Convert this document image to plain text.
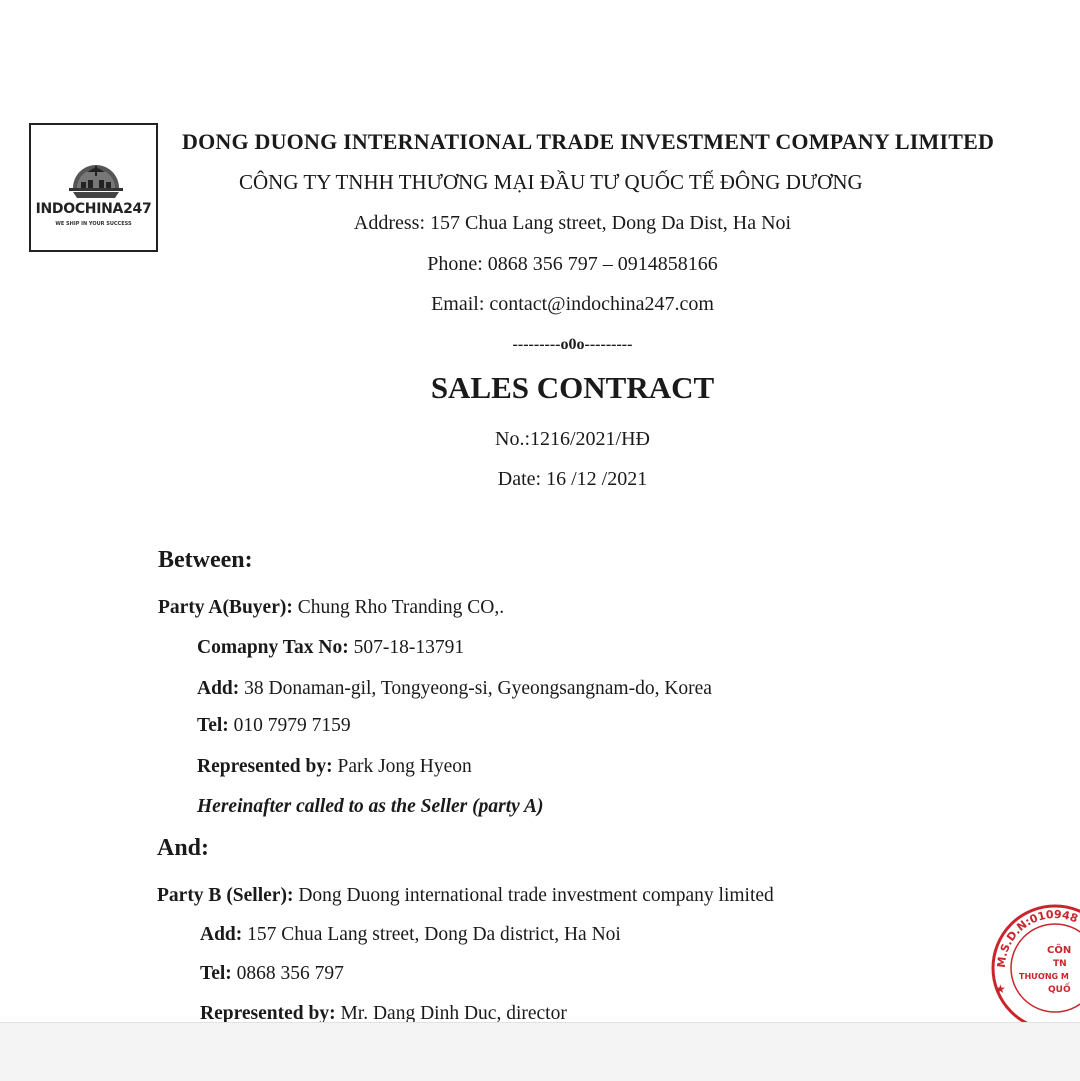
INDOCHINA247
WE SHIP IN YOUR SUCCESS
DONG DUONG INTERNATIONAL TRADE INVESTMENT COMPANY LIMITED
CÔNG TY TNHH THƯƠNG MẠI ĐẦU TƯ QUỐC TẾ ĐÔNG DƯƠNG
Address: 157 Chua Lang street, Dong Da Dist, Ha Noi
Phone: 0868 356 797 – 0914858166
Email: contact@indochina247.com
---------o0o---------
SALES CONTRACT
No.:1216/2021/HĐ
Date: 16 /12 /2021
Between:
Party A(Buyer): Chung Rho Tranding CO,.
Comapny Tax No: 507-18-13791
Add: 38 Donaman-gil, Tongyeong-si, Gyeongsangnam-do, Korea
Tel: 010 7979 7159
Represented by: Park Jong Hyeon
Hereinafter called to as the Seller (party A)
And:
Party B (Seller): Dong Duong international trade investment company limited
Add: 157 Chua Lang street, Dong Da district, Ha Noi
Tel: 0868 356 797
Represented by: Mr. Dang Dinh Duc, director
M.S.D.N:010948
★
CÔN
TN
THƯƠNG M
QUỐ
